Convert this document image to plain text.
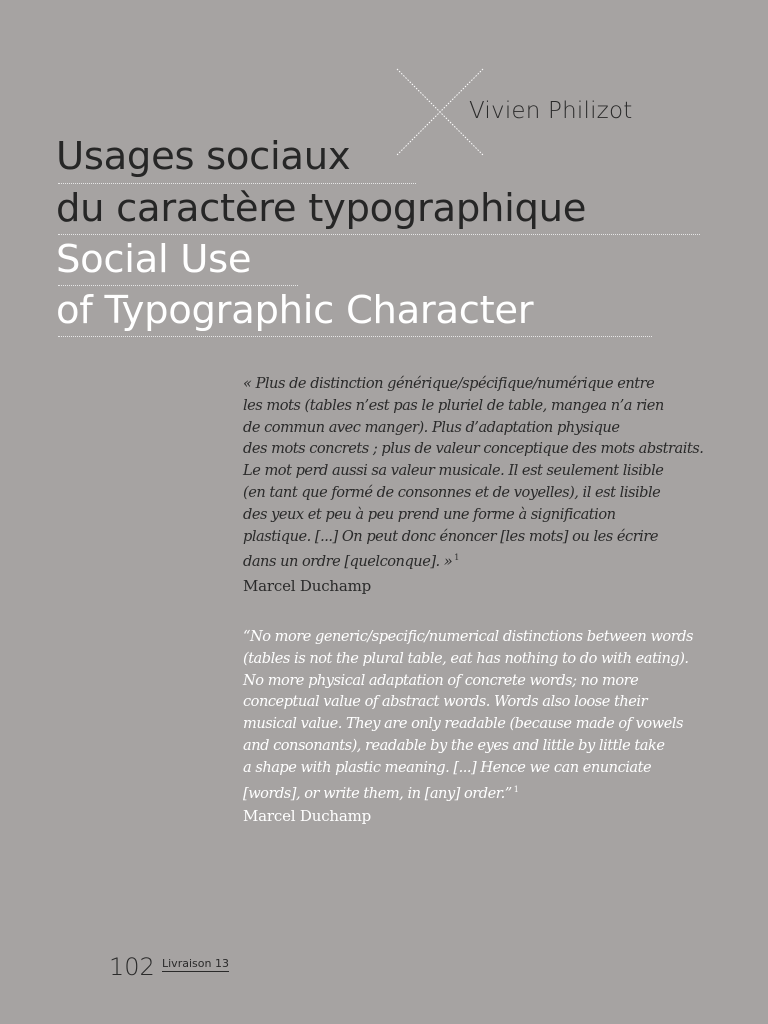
Vivien Philizot
Usages sociaux
du caractère typographique
Social Use
of Typographic Character
« Plus de distinction générique/spécifique/numérique entre
les mots (tables n’est pas le pluriel de table, mangea n’a rien
de commun avec manger). Plus d’adaptation physique
des mots concrets ; plus de valeur conceptique des mots abstraits.
Le mot perd aussi sa valeur musicale. Il est seulement lisible
(en tant que formé de consonnes et de voyelles), il est lisible
des yeux et peu à peu prend une forme à signification
plastique. [...] On peut donc énoncer [les mots] ou les écrire
dans un ordre [quelconque]. » $^1$
Marcel Duchamp
“No more generic/specific/numerical distinctions between words
(tables is not the plural table, eat has nothing to do with eating).
No more physical adaptation of concrete words; no more
conceptual value of abstract words. Words also loose their
musical value. They are only readable (because made of vowels
and consonants), readable by the eyes and little by little take
a shape with plastic meaning. [...] Hence we can enunciate
[words], or write them, in [any] order.” $^1$
Marcel Duchamp
102 Livraison 13
